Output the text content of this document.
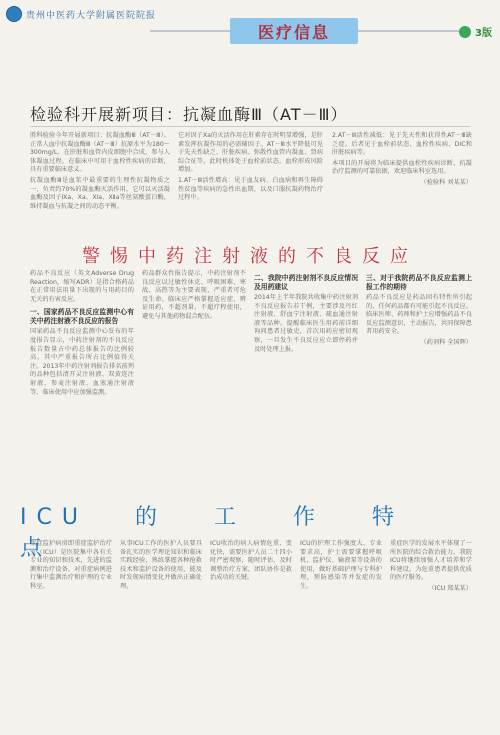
贵州中医药大学附属医院院报
医疗信息	3版
检验科开展新项目：抗凝血酶Ⅲ（AT－Ⅲ）

胜科检验今年开展新项目：抗凝血酶Ⅲ（AT－Ⅲ）。正常人血中抗凝血酶Ⅲ（AT－Ⅲ）抗原水平为180～300mg/L。在肝脏和血管内皮细胞中合成，参与人体凝血过程，在临床中可用于血栓性疾病的诊断，具有重要临床意义。

抗凝血酶Ⅲ是血浆中最重要的生理性抗凝物质之一，负责约70%的凝血酶灭活作用，它可以灭活凝血酶及因子Ⅸa、Ⅹa、Ⅺa、Ⅻa等丝氨酸蛋白酶，维持凝血与抗凝之间的动态平衡。

它对因子Ⅹa的灭活作用在肝素存在时明显增强，是肝素发挥抗凝作用的必需辅因子。AT－Ⅲ水平降低可见于先天性缺乏、肝脏疾病、弥散性血管内凝血、肾病综合征等，此时机体处于血栓前状态，血栓形成风险增加。

1.AT－Ⅲ活性增高：见于血友病、白血病和再生障碍性贫血等疾病的急性出血期，以及口服抗凝药物治疗过程中。

2.AT－Ⅲ活性减低：见于先天性和获得性AT－Ⅲ缺乏症。后者见于血栓前状态、血栓性疾病、DIC和肝脏疾病等。

本项目的开展将为临床提供血栓性疾病诊断、抗凝治疗监测的可靠依据，欢迎临床科室选用。

（检验科 刘某某）
警惕中药注射液的不良反应

药品不良反应（英文Adverse Drug Reaction，缩写ADR）是指合格药品在正常用法用量下出现的与用药目的无关的有害反应。

一、国家药品不良反应监测中心有关中药注射液不良反应的报告

国家药品不良反应监测中心发布的年度报告显示，中药注射剂的不良反应报告数量占中药总体报告的比例较高，其中严重报告所占比例值得关注。2013年中药注射剂报告排名前列的品种包括清开灵注射液、双黄连注射液、参麦注射液、血塞通注射液等，临床使用中应加强监测。

药品群众性报告提示，中药注射剂不良反应以过敏性休克、呼吸困难、寒战、高热等为主要表现，严重者可危及生命。临床应严格掌握适应症，辨证用药，不超剂量、不超疗程使用，避免与其他药物混合配伍。

二、我院中药注射剂不良反应情况及用药建议

2014年上半年我院共收集中药注射剂不良反应报告若干例，主要涉及丹红注射液、舒血宁注射液、疏血通注射液等品种。提醒临床医生用药前详细询问患者过敏史，首次用药应密切观察，一旦发生不良反应应立即停药并及时处理上报。

三、对于我院药品不良反应监测上报工作的期待

药品不良反应是药品固有特性所引起的，任何药品都有可能引起不良反应。临床医师、药师和护士应增强药品不良反应监测意识，主动报告，共同保障患者用药安全。

（药剂科 全国辉）
ICU 的 工 作 特 点

重症监护病房即重症监护治疗室（ICU）是医院集中各有关专业的知识和技术，先进的监测和治疗设备，对重症病例进行集中监测治疗和护理的专业科室。

从事ICU工作的医护人员要具备扎实的医学理论知识和临床实践经验，熟练掌握各种抢救技术和监护设备的使用，能及时发现病情变化并做出正确处理。

ICU收治的病人病情危重、变化快，需要医护人员二十四小时严密观察，随时评估，及时调整治疗方案，团队协作是救治成功的关键。

ICU的护理工作强度大、专业要求高，护士需要掌握呼吸机、监护仪、输液泵等设备的使用，做好基础护理与专科护理，预防感染等并发症的发生。

重症医学的发展水平体现了一所医院的综合救治能力，我院ICU将继续加强人才培养和学科建设，为危重患者提供优质的医疗服务。

（ICU 郑某某）
